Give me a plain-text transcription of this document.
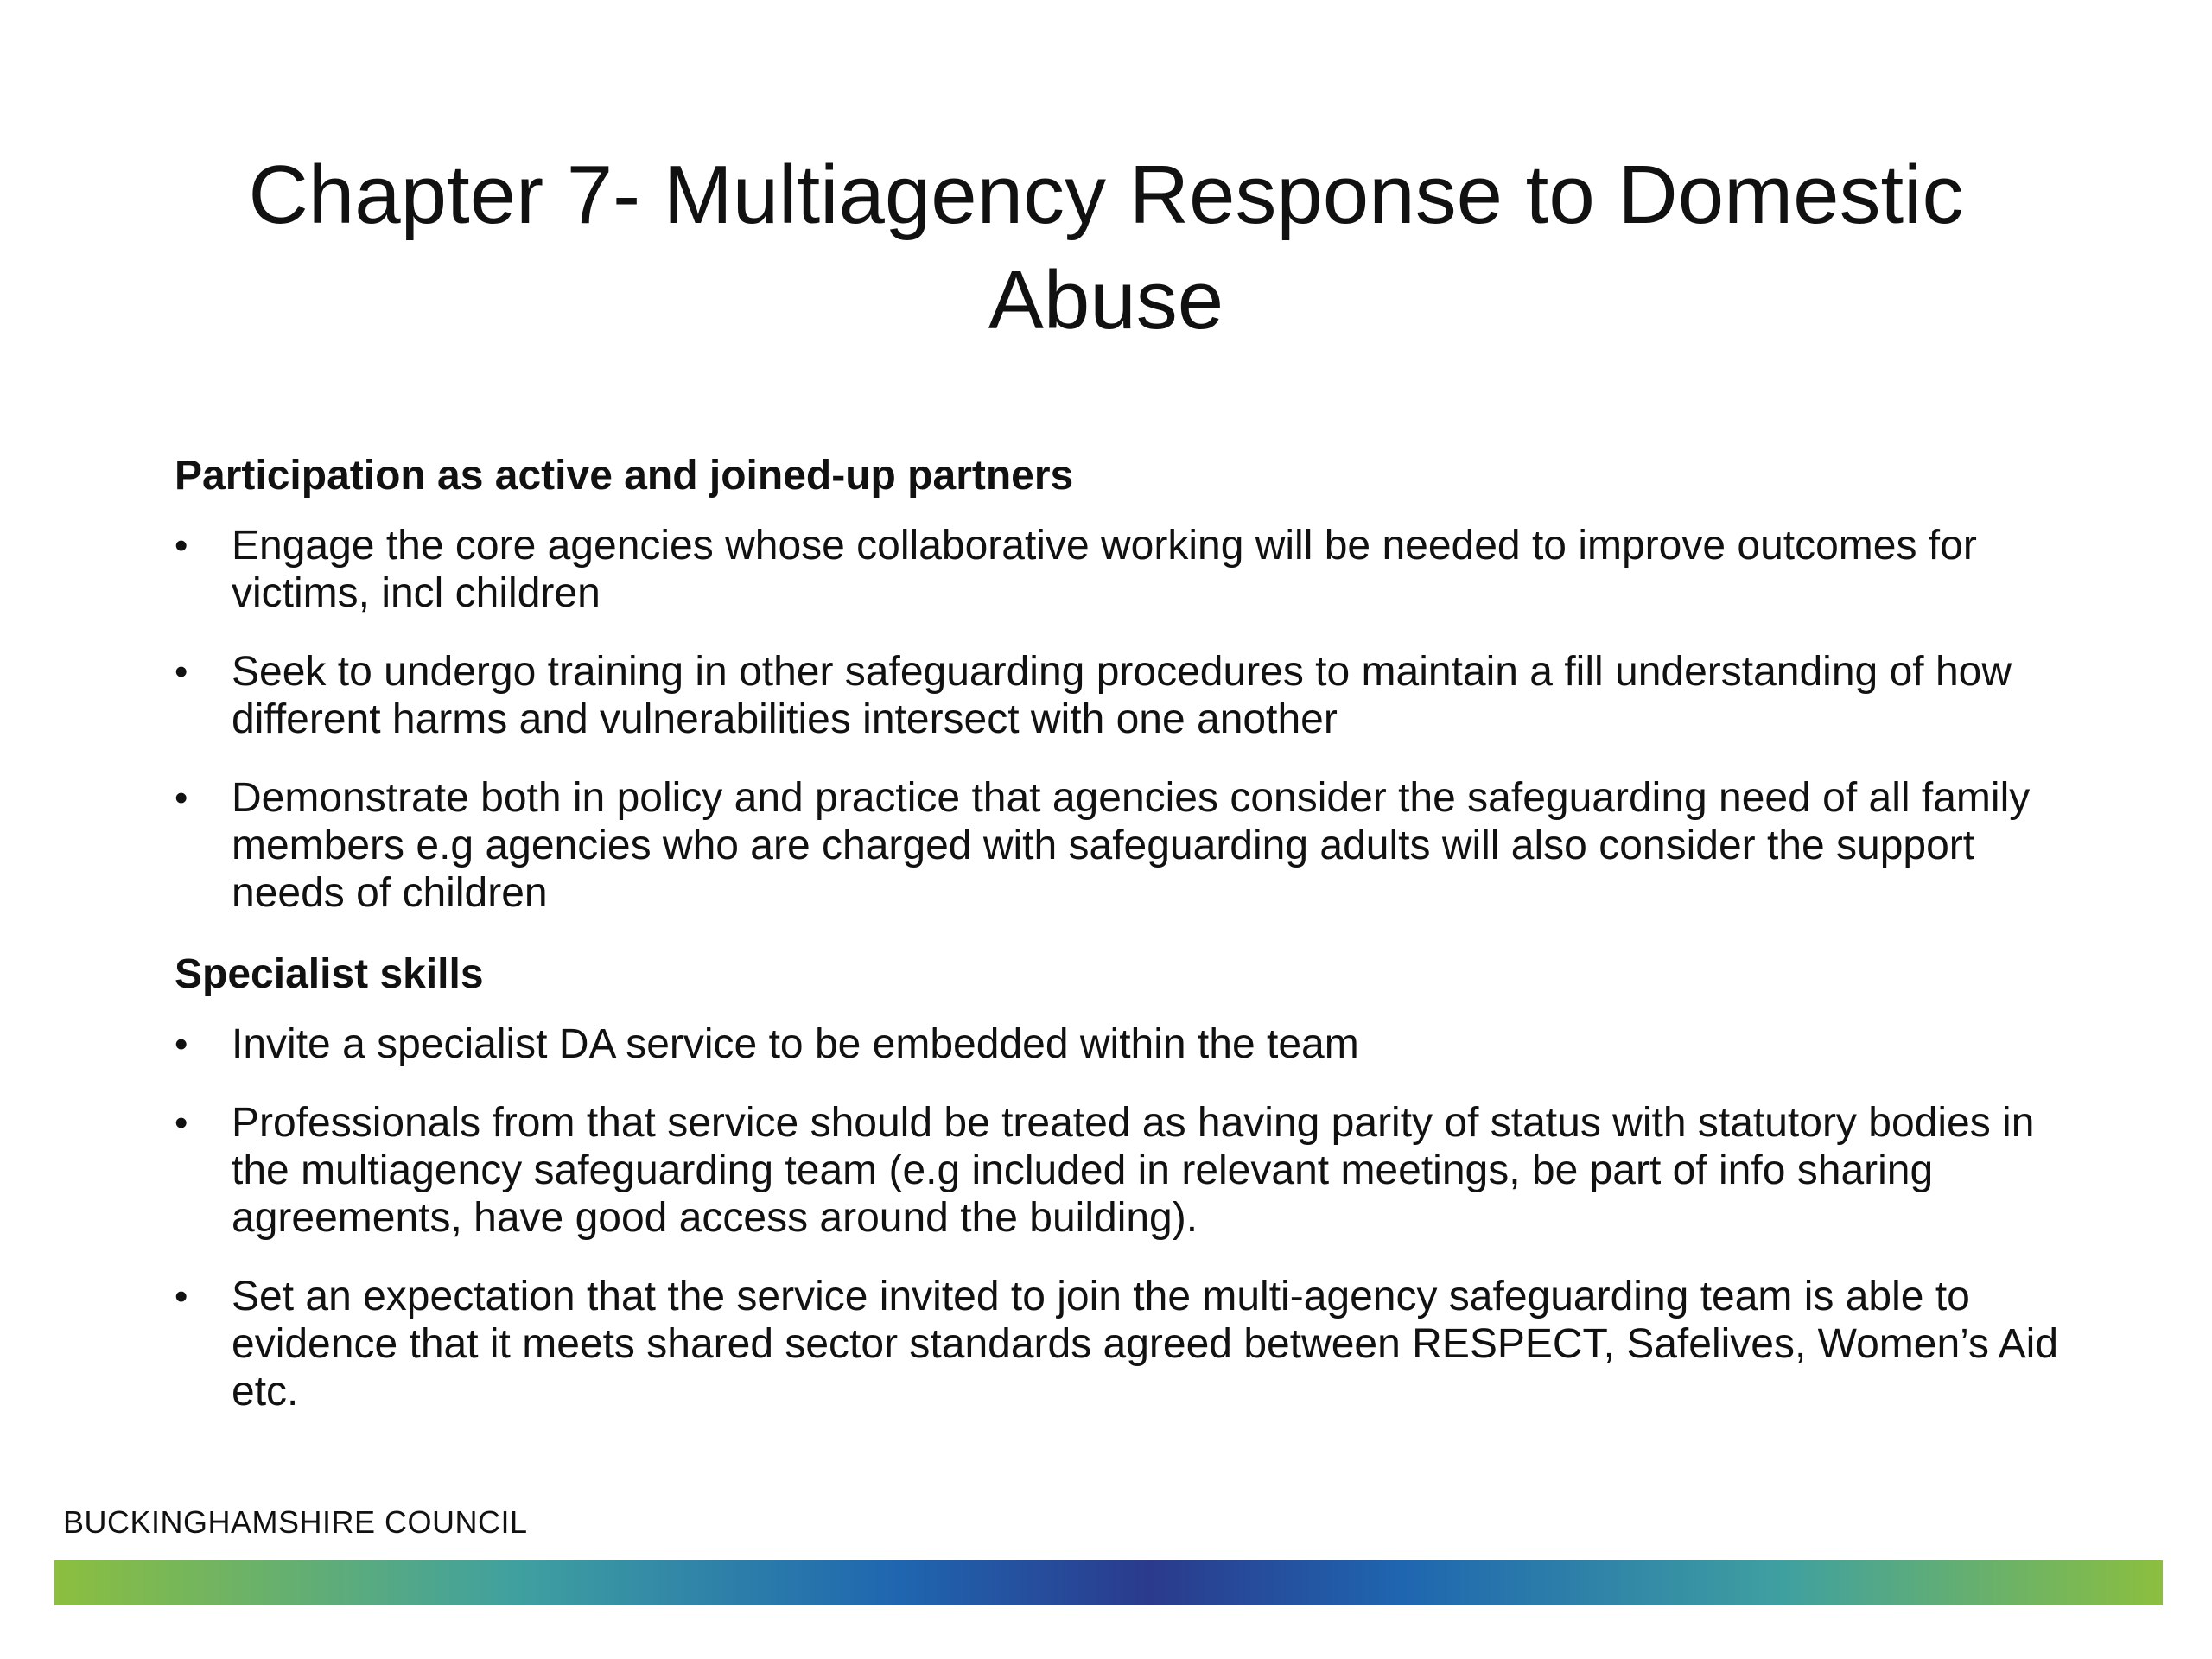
Chapter 7- Multiagency Response to Domestic Abuse
Participation as active and joined-up partners
• Engage the core agencies whose collaborative working will be needed to improve outcomes for victims, incl children
• Seek to undergo training in other safeguarding procedures to maintain a fill understanding of how different harms and vulnerabilities intersect with one another
• Demonstrate both in policy and practice that agencies consider the safeguarding need of all family members e.g agencies who are charged with safeguarding adults will also consider the support needs of children
Specialist skills
• Invite a specialist DA service to be embedded within the team
• Professionals from that service should be treated as having parity of status with statutory bodies in the multiagency safeguarding team (e.g included in relevant meetings, be part of info sharing agreements, have good access around the building).
• Set an expectation that the service invited to join the multi-agency safeguarding team is able to evidence that it meets shared sector standards agreed between RESPECT, Safelives, Women’s Aid etc.
BUCKINGHAMSHIRE COUNCIL
